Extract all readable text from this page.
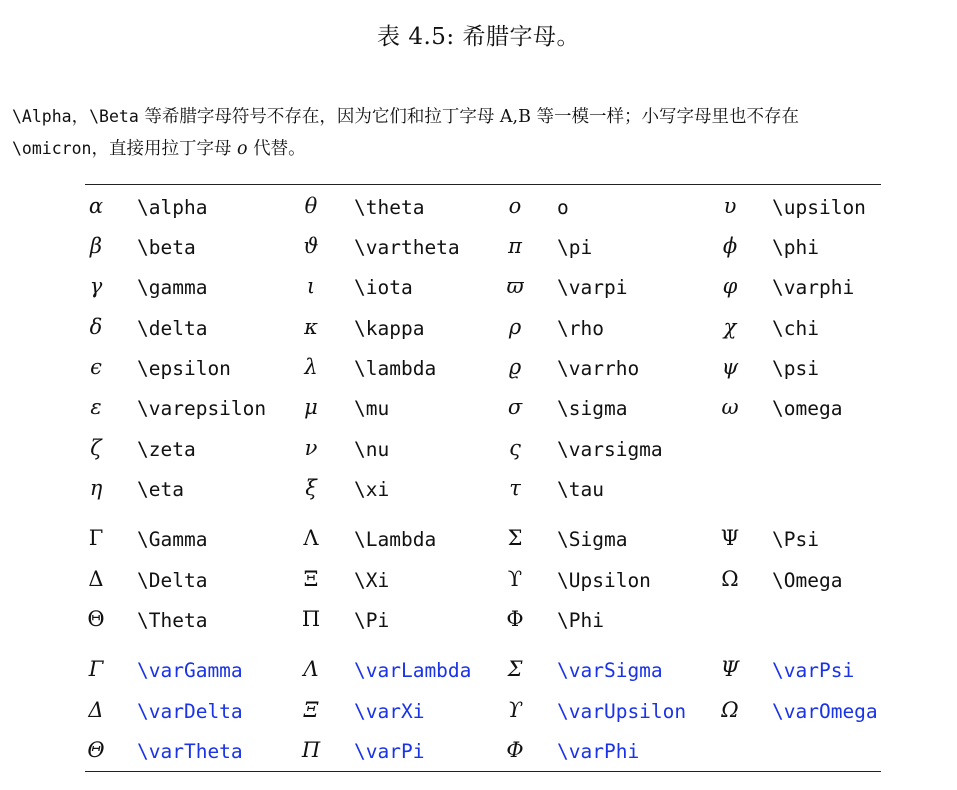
表 4.5: 希腊字母。
\Alpha，\Beta 等希腊字母符号不存在，因为它们和拉丁字母 A,B 等一模一样；小写字母里也不存在
\omicron，直接用拉丁字母 o 代替。
α	\alpha	θ	\theta	o	o	υ	\upsilon
β	\beta	ϑ	\vartheta	π	\pi	ϕ	\phi
γ	\gamma	ι	\iota	ϖ	\varpi	φ	\varphi
δ	\delta	κ	\kappa	ρ	\rho	χ	\chi
ϵ	\epsilon	λ	\lambda	ϱ	\varrho	ψ	\psi
ε	\varepsilon	μ	\mu	σ	\sigma	ω	\omega
ζ	\zeta	ν	\nu	ς	\varsigma
η	\eta	ξ	\xi	τ	\tau
Γ	\Gamma	Λ	\Lambda	Σ	\Sigma	Ψ	\Psi
Δ	\Delta	Ξ	\Xi	ϒ	\Upsilon	Ω	\Omega
Θ	\Theta	Π	\Pi	Φ	\Phi
Γ	\varGamma	Λ	\varLambda	Σ	\varSigma	Ψ	\varPsi
Δ	\varDelta	Ξ	\varXi	ϒ	\varUpsilon	Ω	\varOmega
Θ	\varTheta	Π	\varPi	Φ	\varPhi
